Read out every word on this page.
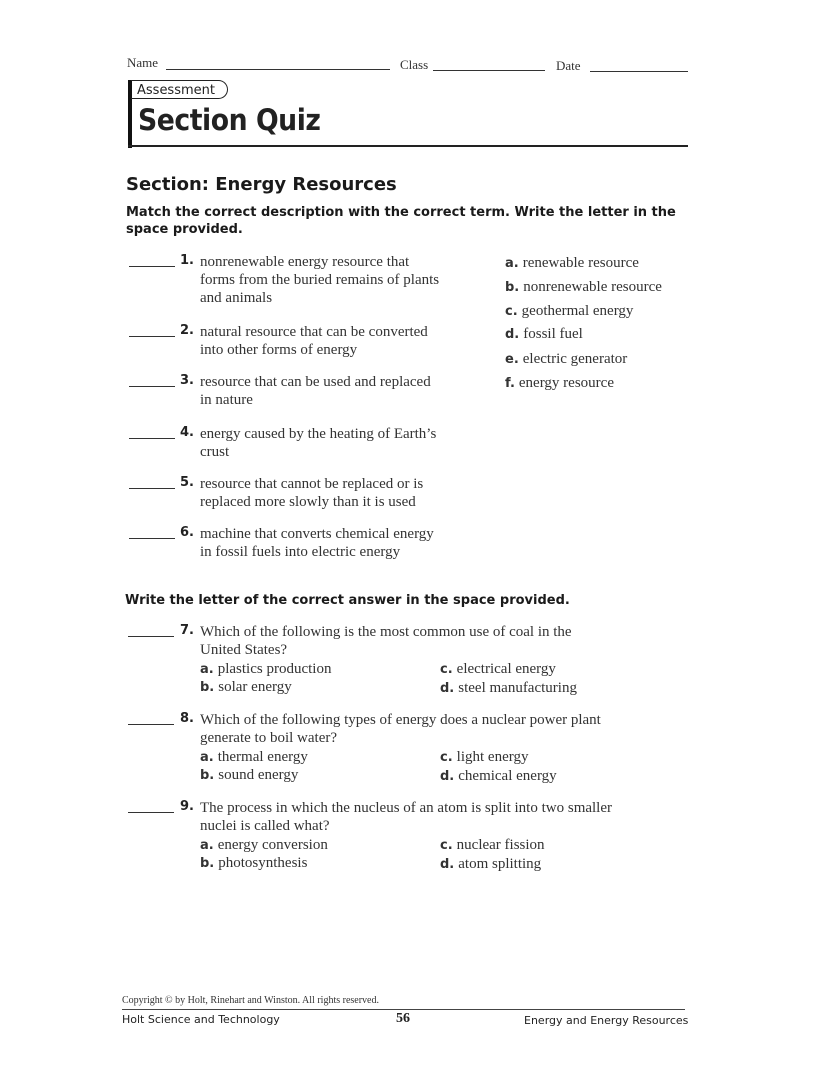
Name	Class	Date
Assessment
Section Quiz
Section: Energy Resources
Match the correct description with the correct term. Write the letter in the space provided.
1. nonrenewable energy resource that
forms from the buried remains of plants
and animals
2. natural resource that can be converted
into other forms of energy
3. resource that can be used and replaced
in nature
4. energy caused by the heating of Earth’s
crust
5. resource that cannot be replaced or is
replaced more slowly than it is used
6. machine that converts chemical energy
in fossil fuels into electric energy
a. renewable resource
b. nonrenewable resource
c. geothermal energy
d. fossil fuel
e. electric generator
f. energy resource
Write the letter of the correct answer in the space provided.
7. Which of the following is the most common use of coal in the
United States?
a. plastics production
b. solar energy
c. electrical energy
d. steel manufacturing
8. Which of the following types of energy does a nuclear power plant
generate to boil water?
a. thermal energy
b. sound energy
c. light energy
d. chemical energy
9. The process in which the nucleus of an atom is split into two smaller
nuclei is called what?
a. energy conversion
b. photosynthesis
c. nuclear fission
d. atom splitting
Copyright © by Holt, Rinehart and Winston. All rights reserved.
Holt Science and Technology	56	Energy and Energy Resources
